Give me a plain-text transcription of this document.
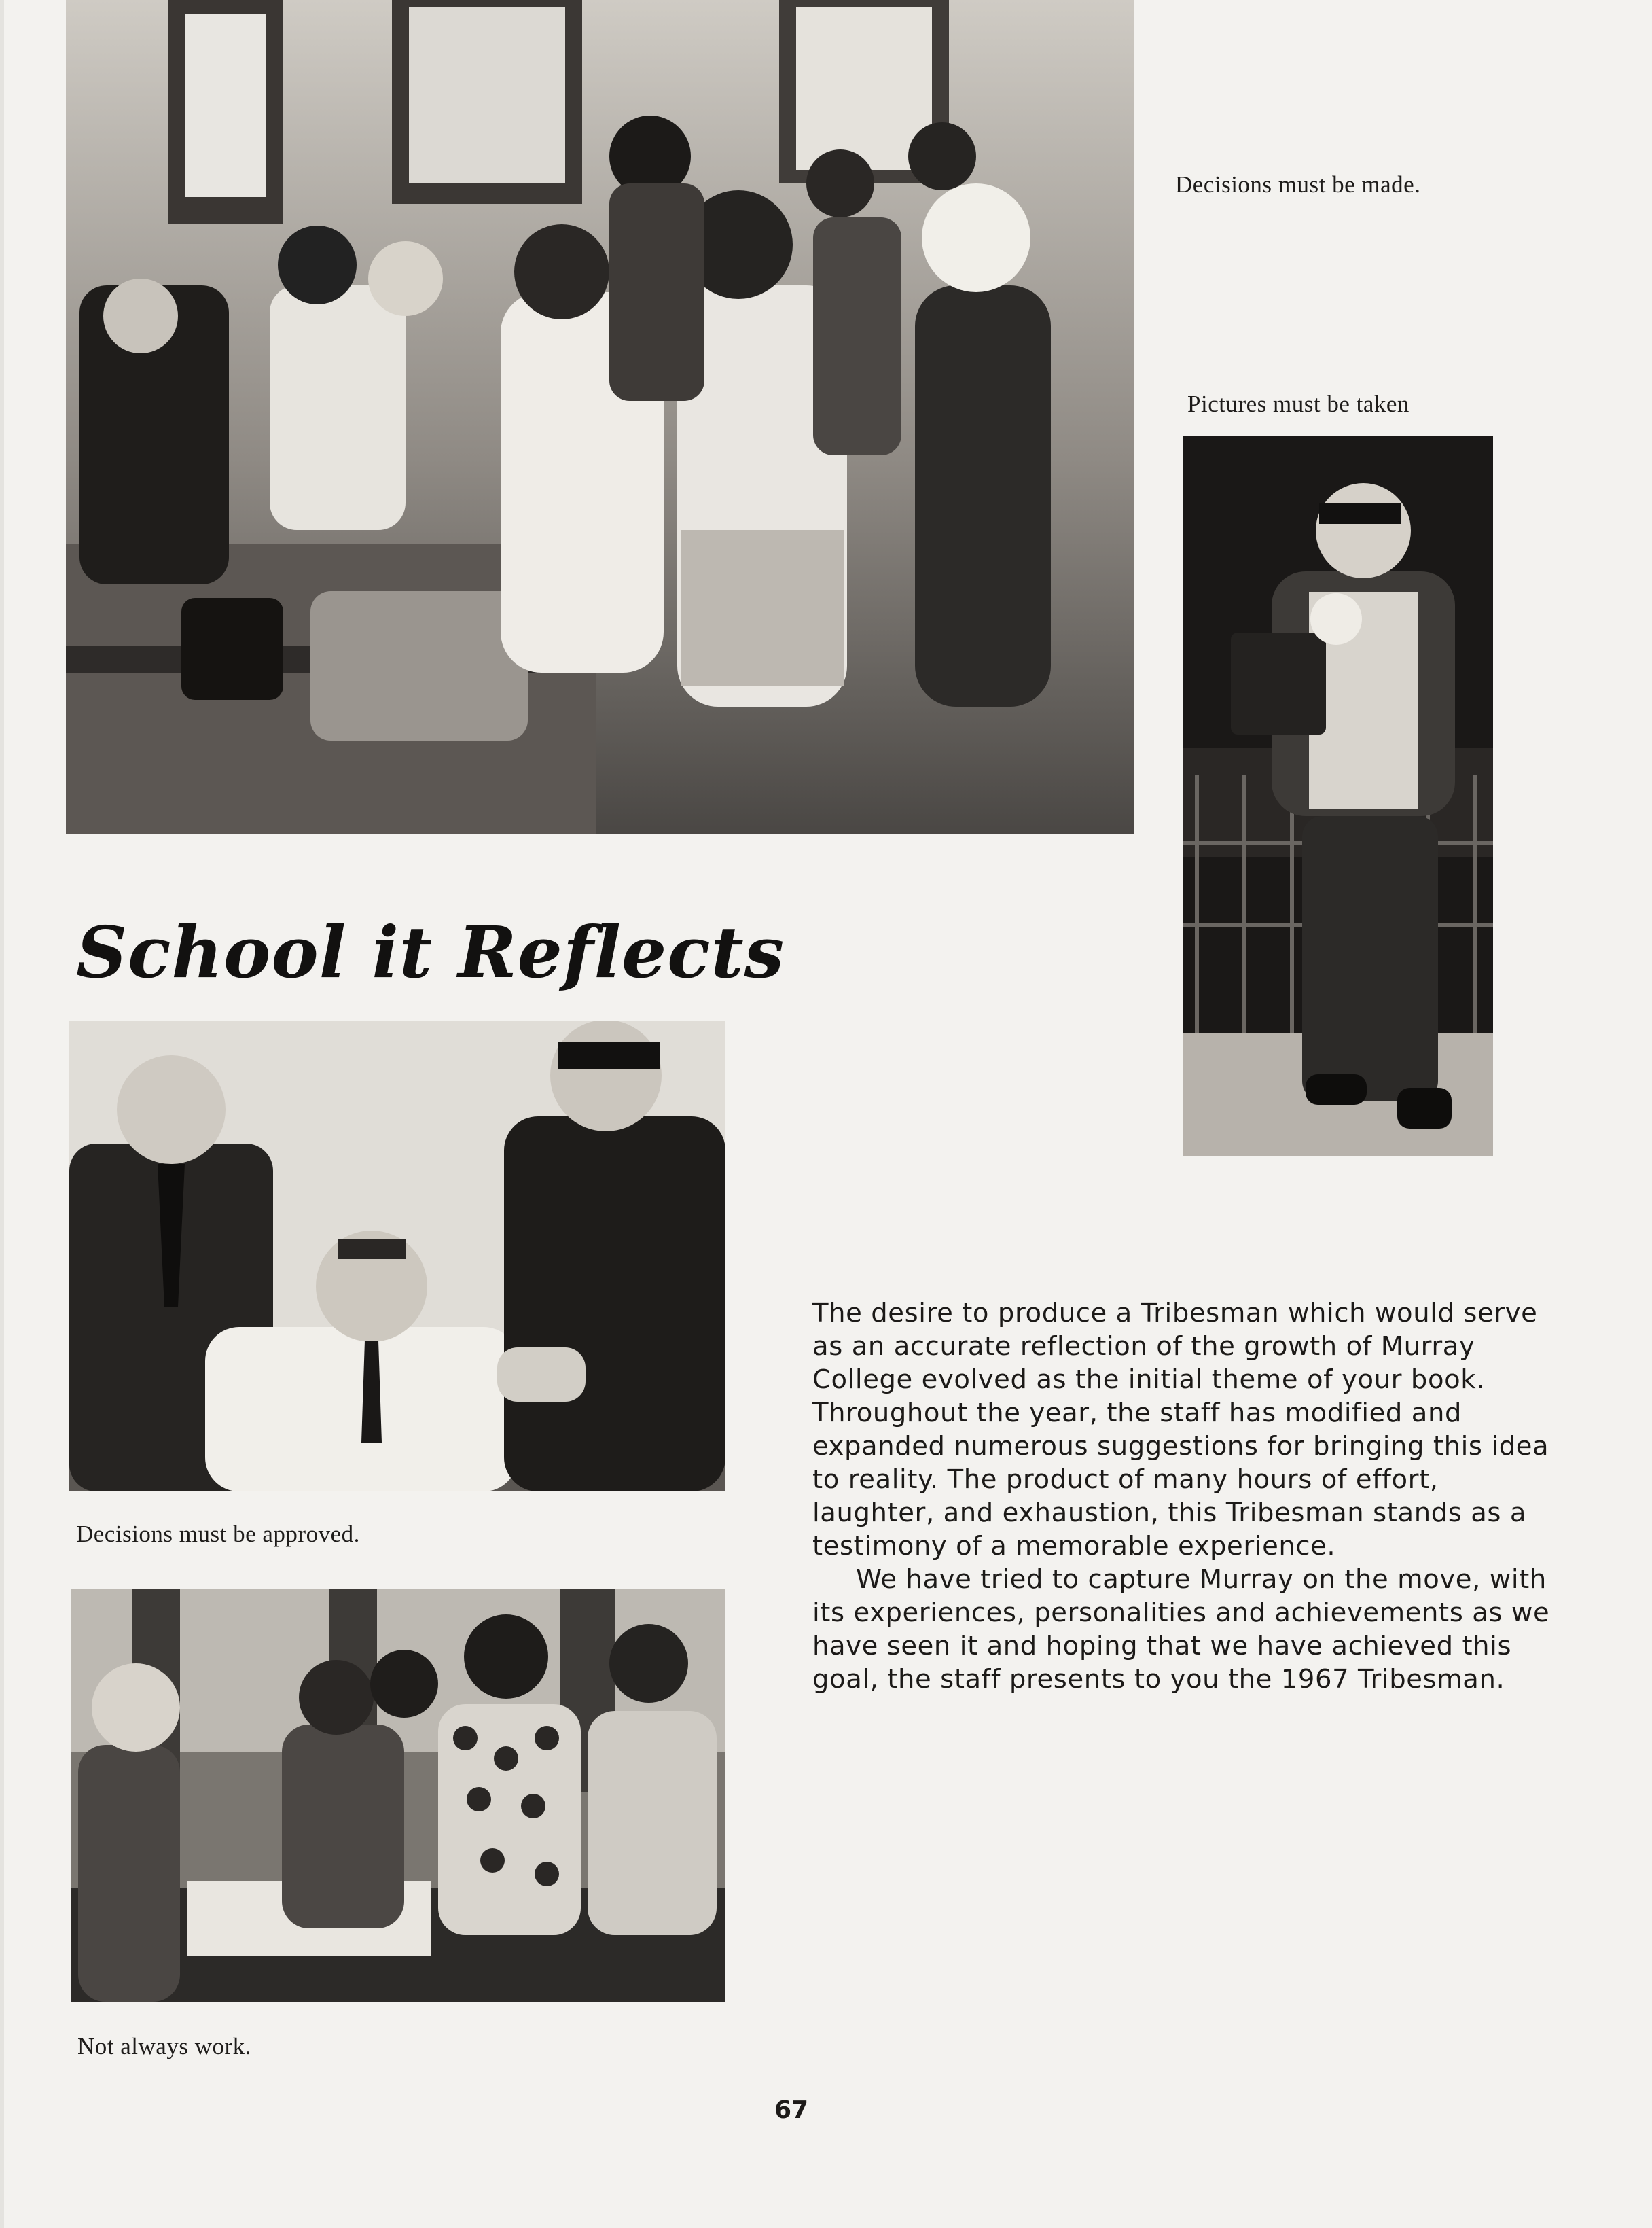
Decisions must be made.
Pictures must be taken
School it Reflects
Decisions must be approved.
Not always work.

The desire to produce a Tribesman which would serve as an accurate reflection of the growth of Murray College evolved as the initial theme of your book. Throughout the year, the staff has modified and expanded numerous suggestions for bringing this idea to reality. The product of many hours of effort, laughter, and exhaustion, this Tribesman stands as a testimony of a memorable experience.

We have tried to capture Murray on the move, with its experiences, personalities and achievements as we have seen it and hoping that we have achieved this goal, the staff presents to you the 1967 Tribesman.

67
